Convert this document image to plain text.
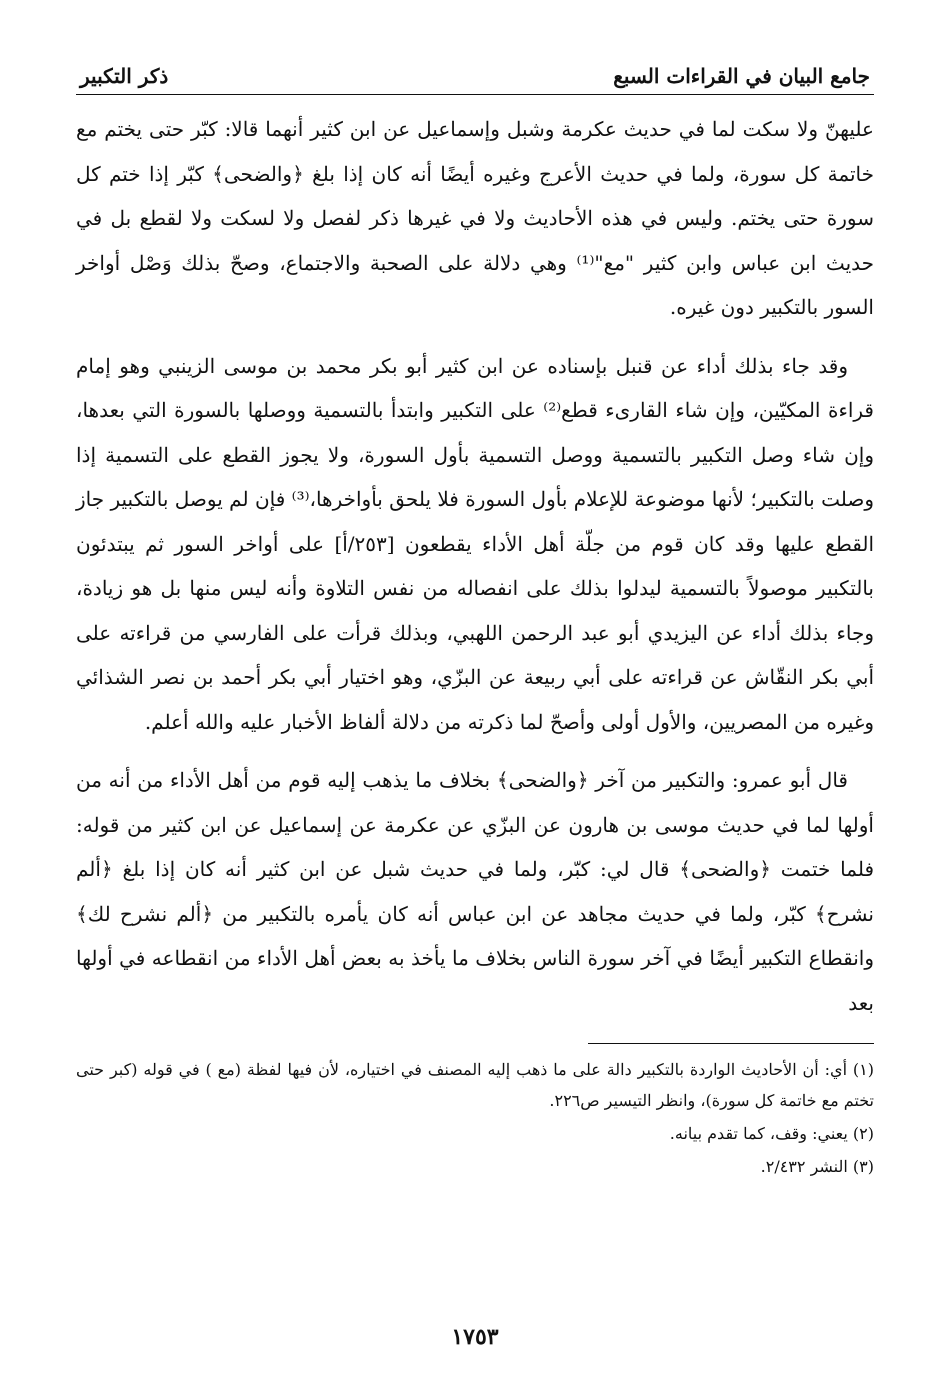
جامع البيان في القراءات السبع
ذكر التكبير

عليهنّ ولا سكت لما في حديث عكرمة وشبل وإسماعيل عن ابن كثير أنهما قالا: كبّر حتى يختم مع خاتمة كل سورة، ولما في حديث الأعرج وغيره أيضًا أنه كان إذا بلغ ﴿والضحى﴾ كبّر إذا ختم كل سورة حتى يختم. وليس في هذه الأحاديث ولا في غيرها ذكر لفصل ولا لسكت ولا لقطع بل في حديث ابن عباس وابن كثير "مع"⁽¹⁾ وهي دلالة على الصحبة والاجتماع، وصحّ بذلك وَصْل أواخر السور بالتكبير دون غيره.

وقد جاء بذلك أداء عن قنبل بإسناده عن ابن كثير أبو بكر محمد بن موسى الزينبي وهو إمام قراءة المكيّين، وإن شاء القارىء قطع⁽²⁾ على التكبير وابتدأ بالتسمية ووصلها بالسورة التي بعدها، وإن شاء وصل التكبير بالتسمية ووصل التسمية بأول السورة، ولا يجوز القطع على التسمية إذا وصلت بالتكبير؛ لأنها موضوعة للإعلام بأول السورة فلا يلحق بأواخرها،⁽³⁾ فإن لم يوصل بالتكبير جاز القطع عليها وقد كان قوم من جلّة أهل الأداء يقطعون [٢٥٣/أ] على أواخر السور ثم يبتدئون بالتكبير موصولاً بالتسمية ليدلوا بذلك على انفصاله من نفس التلاوة وأنه ليس منها بل هو زيادة، وجاء بذلك أداء عن اليزيدي أبو عبد الرحمن اللهبي، وبذلك قرأت على الفارسي من قراءته على أبي بكر النقّاش عن قراءته على أبي ربيعة عن البزّي، وهو اختيار أبي بكر أحمد بن نصر الشذائي وغيره من المصريين، والأول أولى وأصحّ لما ذكرته من دلالة ألفاظ الأخبار عليه والله أعلم.

قال أبو عمرو: والتكبير من آخر ﴿والضحى﴾ بخلاف ما يذهب إليه قوم من أهل الأداء من أنه من أولها لما في حديث موسى بن هارون عن البزّي عن عكرمة عن إسماعيل عن ابن كثير من قوله: فلما ختمت ﴿والضحى﴾ قال لي: كبّر، ولما في حديث شبل عن ابن كثير أنه كان إذا بلغ ﴿ألم نشرح﴾ كبّر، ولما في حديث مجاهد عن ابن عباس أنه كان يأمره بالتكبير من ﴿ألم نشرح لك﴾ وانقطاع التكبير أيضًا في آخر سورة الناس بخلاف ما يأخذ به بعض أهل الأداء من انقطاعه في أولها بعد

(١) أي: أن الأحاديث الواردة بالتكبير دالة على ما ذهب إليه المصنف في اختياره، لأن فيها لفظة (مع ) في قوله (كبر حتى تختم مع خاتمة كل سورة)، وانظر التيسير ص٢٢٦.

(٢) يعني: وقف، كما تقدم بيانه.

(٣) النشر ٢/٤٣٢.

١٧٥٣
